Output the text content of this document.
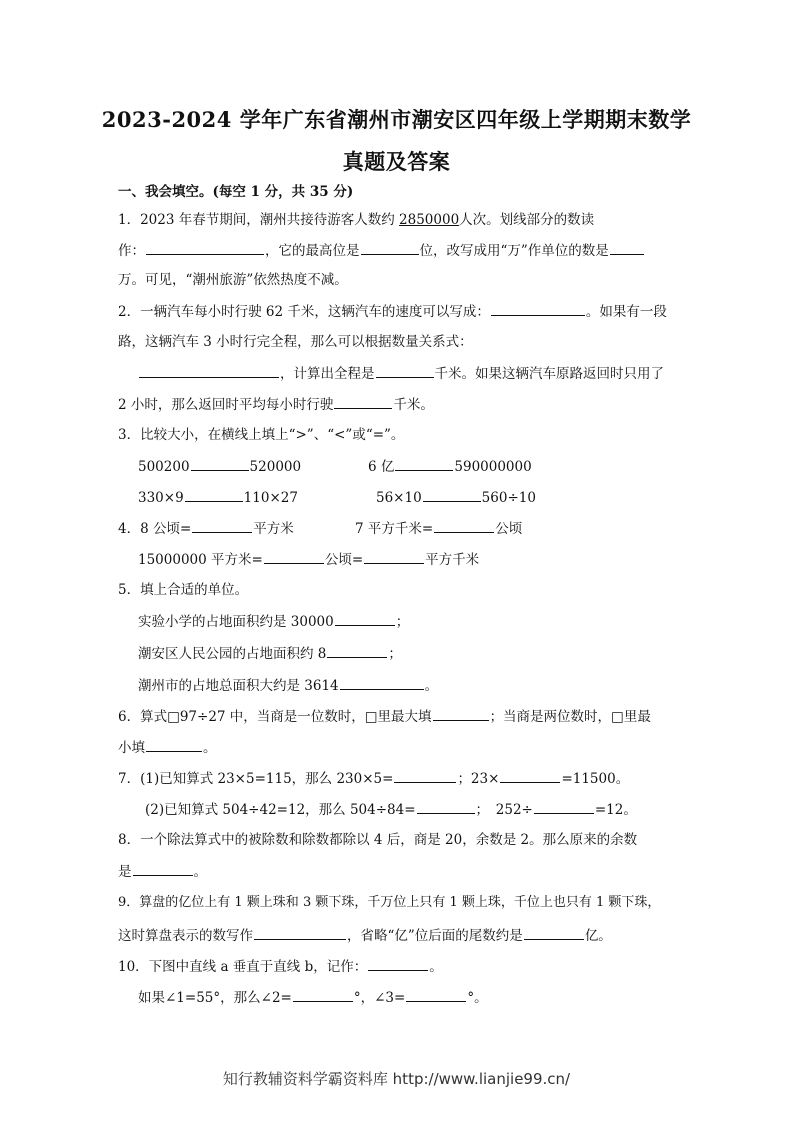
2023-2024 学年广东省潮州市潮安区四年级上学期期末数学
真题及答案
一、我会填空。(每空 1 分，共 35 分)
1．2023 年春节期间，潮州共接待游客人数约 2850000人次。划线部分的数读
作：	，它的最高位是	位，改写成用“万”作单位的数是
万。可见，“潮州旅游”依然热度不减。
2．一辆汽车每小时行驶 62 千米，这辆汽车的速度可以写成：	。如果有一段
路，这辆汽车 3 小时行完全程，那么可以根据数量关系式：
，计算出全程是	千米。如果这辆汽车原路返回时只用了
2 小时，那么返回时平均每小时行驶	千米。
3．比较大小，在横线上填上“>”、“<”或“=”。
500200	520000	6 亿	590000000
330×9	110×27	56×10	560÷10
4．8 公顷=	平方米	7 平方千米=	公顷
15000000 平方米=	公顷=	平方千米
5．填上合适的单位。
实验小学的占地面积约是 30000	；
潮安区人民公园的占地面积约 8	；
潮州市的占地总面积大约是 3614	。
6．算式□97÷27 中，当商是一位数时，□里最大填	；当商是两位数时，□里最
小填	。
7．(1)已知算式 23×5=115，那么 230×5=	；23×	=11500。
(2)已知算式 504÷42=12，那么 504÷84=	；　252÷	=12。
8．一个除法算式中的被除数和除数都除以 4 后，商是 20，余数是 2。那么原来的余数
是	。
9．算盘的亿位上有 1 颗上珠和 3 颗下珠，千万位上只有 1 颗上珠，千位上也只有 1 颗下珠，
这时算盘表示的数写作	，省略“亿”位后面的尾数约是	亿。
10．下图中直线 a 垂直于直线 b，记作：	。
如果∠1=55°，那么∠2=	°，∠3=	°。
知行教辅资料学霸资料库 http://www.lianjie99.cn/
